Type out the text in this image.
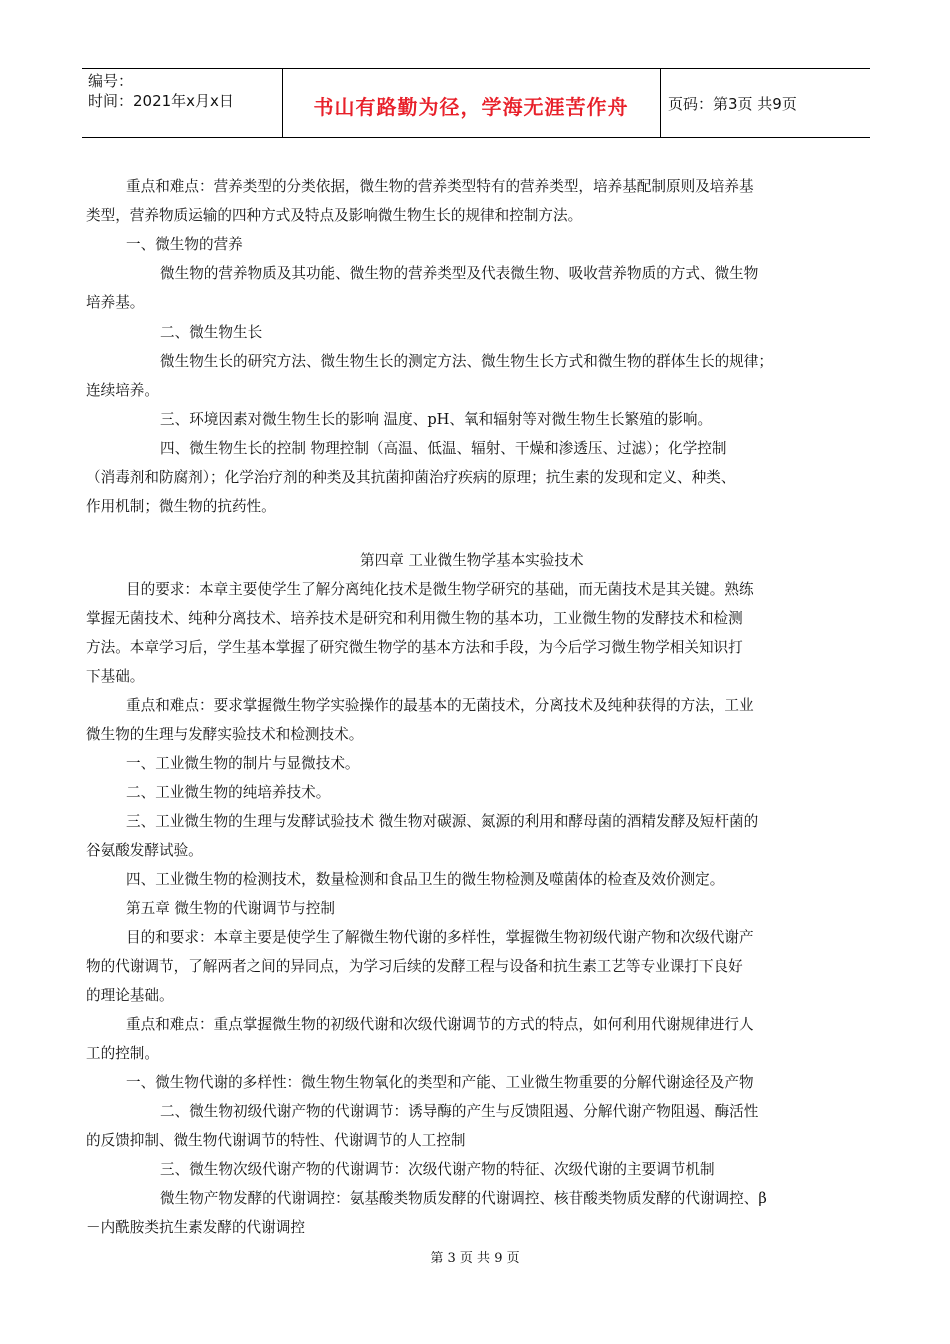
编号：
时间：2021年x月x日	书山有路勤为径，学海无涯苦作舟	页码：第3页 共9页

重点和难点：营养类型的分类依据，微生物的营养类型特有的营养类型，培养基配制原则及培养基

类型，营养物质运输的四种方式及特点及影响微生物生长的规律和控制方法。

一、微生物的营养

微生物的营养物质及其功能、微生物的营养类型及代表微生物、吸收营养物质的方式、微生物

培养基。

二、微生物生长

微生物生长的研究方法、微生物生长的测定方法、微生物生长方式和微生物的群体生长的规律；

连续培养。

三、环境因素对微生物生长的影响 温度、pH、氧和辐射等对微生物生长繁殖的影响。

四、微生物生长的控制 物理控制（高温、低温、辐射、干燥和渗透压、过滤）；化学控制

（消毒剂和防腐剂）；化学治疗剂的种类及其抗菌抑菌治疗疾病的原理；抗生素的发现和定义、种类、

作用机制；微生物的抗药性。

第四章 工业微生物学基本实验技术

目的要求：本章主要使学生了解分离纯化技术是微生物学研究的基础，而无菌技术是其关键。熟练

掌握无菌技术、纯种分离技术、培养技术是研究和利用微生物的基本功，工业微生物的发酵技术和检测

方法。本章学习后，学生基本掌握了研究微生物学的基本方法和手段，为今后学习微生物学相关知识打

下基础。

重点和难点：要求掌握微生物学实验操作的最基本的无菌技术，分离技术及纯种获得的方法，工业

微生物的生理与发酵实验技术和检测技术。

一、工业微生物的制片与显微技术。

二、工业微生物的纯培养技术。

三、工业微生物的生理与发酵试验技术 微生物对碳源、氮源的利用和酵母菌的酒精发酵及短杆菌的

谷氨酸发酵试验。

四、工业微生物的检测技术，数量检测和食品卫生的微生物检测及噬菌体的检查及效价测定。

第五章 微生物的代谢调节与控制

目的和要求：本章主要是使学生了解微生物代谢的多样性，掌握微生物初级代谢产物和次级代谢产

物的代谢调节，了解两者之间的异同点，为学习后续的发酵工程与设备和抗生素工艺等专业课打下良好

的理论基础。

重点和难点：重点掌握微生物的初级代谢和次级代谢调节的方式的特点，如何利用代谢规律进行人

工的控制。

一、微生物代谢的多样性：微生物生物氧化的类型和产能、工业微生物重要的分解代谢途径及产物

二、微生物初级代谢产物的代谢调节：诱导酶的产生与反馈阻遏、分解代谢产物阻遏、酶活性

的反馈抑制、微生物代谢调节的特性、代谢调节的人工控制

三、微生物次级代谢产物的代谢调节：次级代谢产物的特征、次级代谢的主要调节机制

微生物产物发酵的代谢调控：氨基酸类物质发酵的代谢调控、核苷酸类物质发酵的代谢调控、β

－内酰胺类抗生素发酵的代谢调控

第 3 页 共 9 页
